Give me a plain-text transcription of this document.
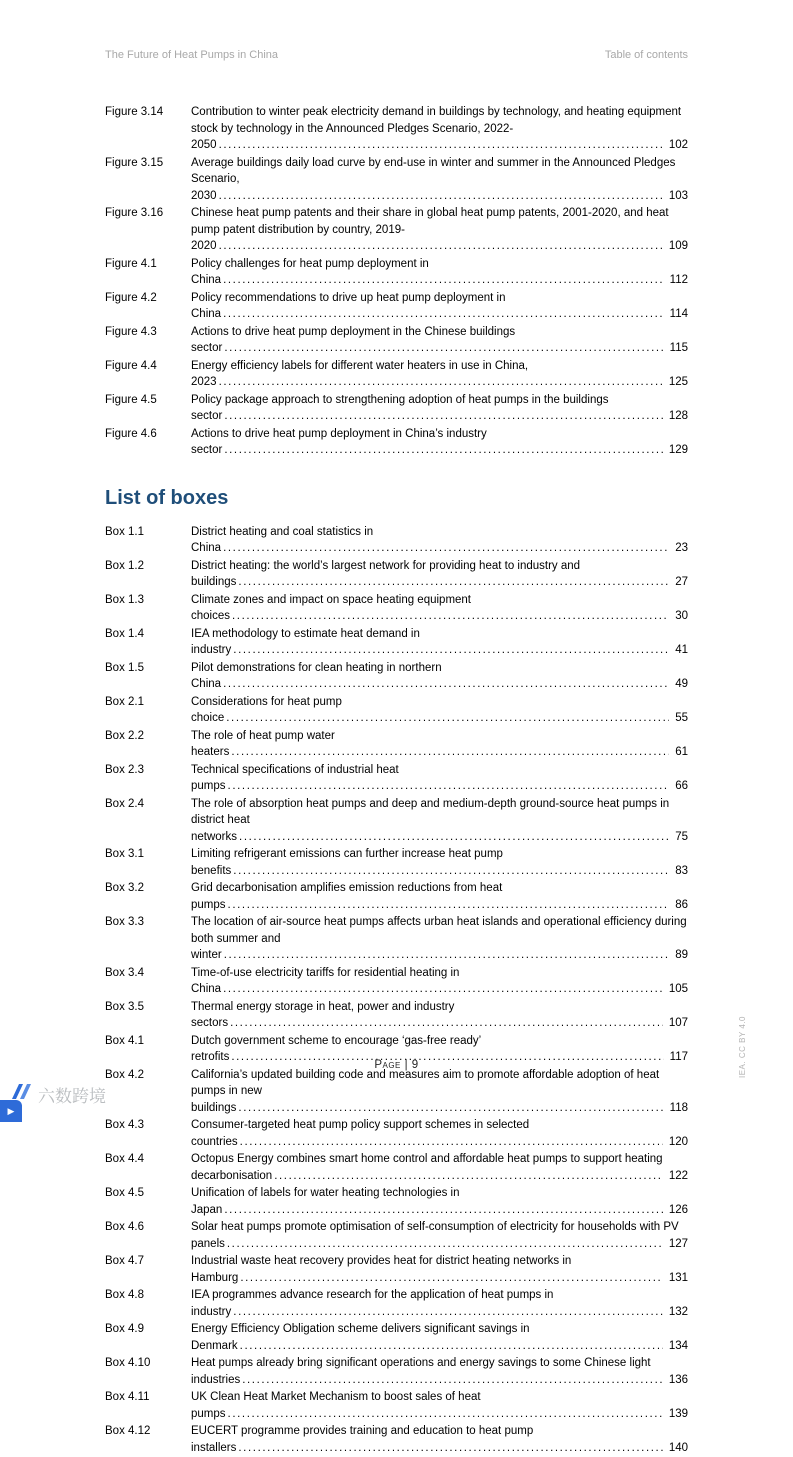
The Future of Heat Pumps in China	Table of contents
Figure 3.14	Contribution to winter peak electricity demand in buildings by technology, and heating equipment stock by technology in the Announced Pledges Scenario, 2022-2050 .....	102
Figure 3.15	Average buildings daily load curve by end-use in winter and summer in the Announced Pledges Scenario, 2030 .....	103
Figure 3.16	Chinese heat pump patents and their share in global heat pump patents, 2001-2020, and heat pump patent distribution by country, 2019-2020 .....	109
Figure 4.1	Policy challenges for heat pump deployment in China .....	112
Figure 4.2	Policy recommendations to drive up heat pump deployment in China .....	114
Figure 4.3	Actions to drive heat pump deployment in the Chinese buildings sector .....	115
Figure 4.4	Energy efficiency labels for different water heaters in use in China, 2023 .....	125
Figure 4.5	Policy package approach to strengthening adoption of heat pumps in the buildings sector .....	128
Figure 4.6	Actions to drive heat pump deployment in China’s industry sector .....	129
List of boxes
Box 1.1	District heating and coal statistics in China .....	23
Box 1.2	District heating: the world’s largest network for providing heat to industry and buildings .....	27
Box 1.3	Climate zones and impact on space heating equipment choices .....	30
Box 1.4	IEA methodology to estimate heat demand in industry .....	41
Box 1.5	Pilot demonstrations for clean heating in northern China .....	49
Box 2.1	Considerations for heat pump choice .....	55
Box 2.2	The role of heat pump water heaters .....	61
Box 2.3	Technical specifications of industrial heat pumps .....	66
Box 2.4	The role of absorption heat pumps and deep and medium-depth ground-source heat pumps in district heat networks .....	75
Box 3.1	Limiting refrigerant emissions can further increase heat pump benefits .....	83
Box 3.2	Grid decarbonisation amplifies emission reductions from heat pumps .....	86
Box 3.3	The location of air-source heat pumps affects urban heat islands and operational efficiency during both summer and winter .....	89
Box 3.4	Time-of-use electricity tariffs for residential heating in China .....	105
Box 3.5	Thermal energy storage in heat, power and industry sectors .....	107
Box 4.1	Dutch government scheme to encourage ‘gas-free ready’ retrofits .....	117
Box 4.2	California’s updated building code and measures aim to promote affordable adoption of heat pumps in new buildings .....	118
Box 4.3	Consumer-targeted heat pump policy support schemes in selected countries .....	120
Box 4.4	Octopus Energy combines smart home control and affordable heat pumps to support heating decarbonisation .....	122
Box 4.5	Unification of labels for water heating technologies in Japan .....	126
Box 4.6	Solar heat pumps promote optimisation of self-consumption of electricity for households with PV panels .....	127
Box 4.7	Industrial waste heat recovery provides heat for district heating networks in Hamburg .....	131
Box 4.8	IEA programmes advance research for the application of heat pumps in industry .....	132
Box 4.9	Energy Efficiency Obligation scheme delivers significant savings in Denmark .....	134
Box 4.10	Heat pumps already bring significant operations and energy savings to some Chinese light industries .....	136
Box 4.11	UK Clean Heat Market Mechanism to boost sales of heat pumps .....	139
Box 4.12	EUCERT programme provides training and education to heat pump installers .....	140
Page | 9	IEA. CC BY 4.0
六数跨境
▶
